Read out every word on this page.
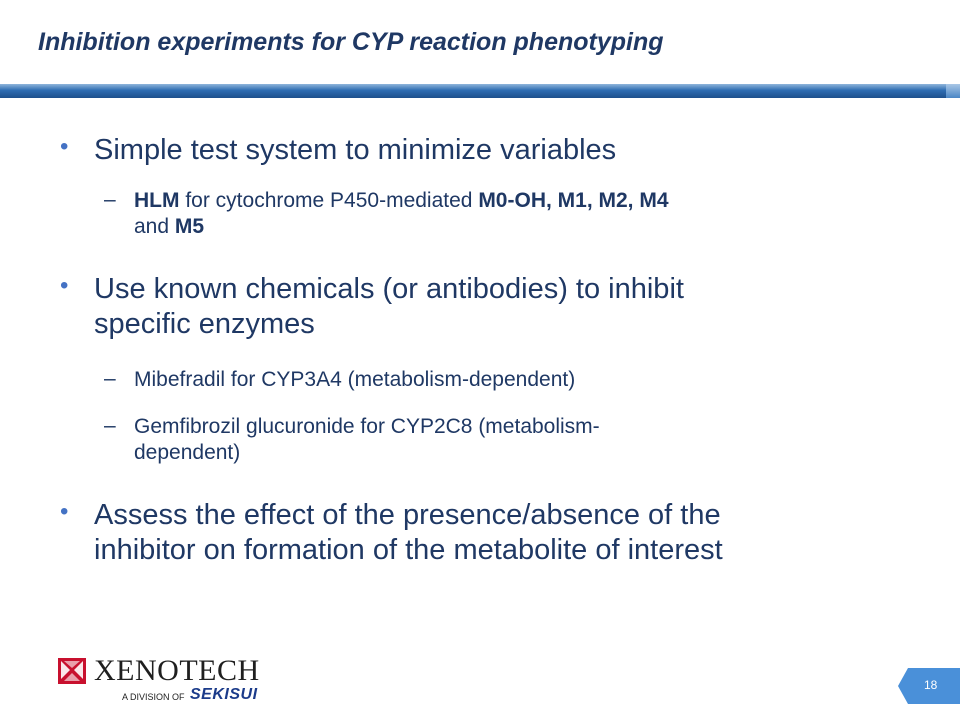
Inhibition experiments for CYP reaction phenotyping
• Simple test system to minimize variables

– HLM for cytochrome P450-mediated M0-OH, M1, M2, M4
and M5

• Use known chemicals (or antibodies) to inhibit
specific enzymes

– Mibefradil for CYP3A4 (metabolism-dependent)

– Gemfibrozil glucuronide for CYP2C8 (metabolism-
dependent)

• Assess the effect of the presence/absence of the
inhibitor on formation of the metabolite of interest

XENOTECH
A DIVISION OF SEKISUI
18
